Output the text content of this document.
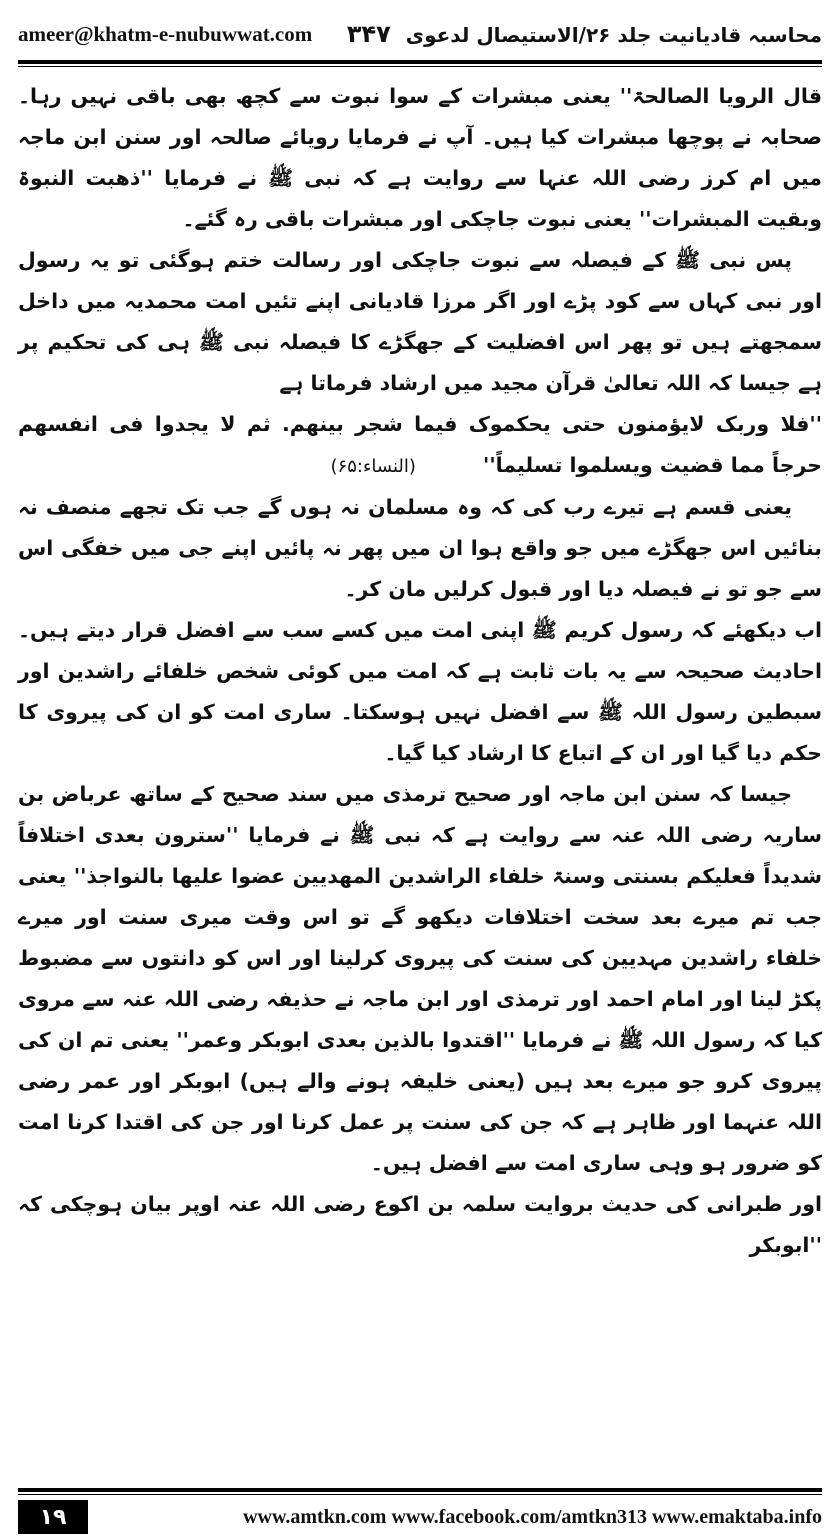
ameer@khatm-e-nubuwwat.com	محاسبہ قادیانیت جلد ۲۶/الاستیصال لدعوی ۳۴۷

قال الرویا الصالحۃ'' یعنی مبشرات کے سوا نبوت سے کچھ بھی باقی نہیں رہا۔ صحابہ نے پوچھا مبشرات کیا ہیں۔ آپ نے فرمایا رویائے صالحہ اور سنن ابن ماجہ میں ام کرز رضی اللہ عنہا سے روایت ہے کہ نبی ﷺ نے فرمایا ''ذھبت النبوۃ وبقیت المبشرات'' یعنی نبوت جاچکی اور مبشرات باقی رہ گئے۔

پس نبی ﷺ کے فیصلہ سے نبوت جاچکی اور رسالت ختم ہوگئی تو یہ رسول اور نبی کہاں سے کود پڑے اور اگر مرزا قادیانی اپنے تئیں امت محمدیہ میں داخل سمجھتے ہیں تو پھر اس افضلیت کے جھگڑے کا فیصلہ نبی ﷺ ہی کی تحکیم پر ہے جیسا کہ اللہ تعالیٰ قرآن مجید میں ارشاد فرماتا ہے

''فلا وربک لایؤمنون حتی یحکموک فیما شجر بینھم. ثم لا یجدوا فی انفسھم حرجاً مما قضیت ویسلموا تسلیماً'' (النساء:۶۵)

یعنی قسم ہے تیرے رب کی کہ وہ مسلمان نہ ہوں گے جب تک تجھے منصف نہ بنائیں اس جھگڑے میں جو واقع ہوا ان میں پھر نہ پائیں اپنے جی میں خفگی اس سے جو تو نے فیصلہ دیا اور قبول کرلیں مان کر۔

اب دیکھئے کہ رسول کریم ﷺ اپنی امت میں کسے سب سے افضل قرار دیتے ہیں۔ احادیث صحیحہ سے یہ بات ثابت ہے کہ امت میں کوئی شخص خلفائے راشدین اور سبطین رسول اللہ ﷺ سے افضل نہیں ہوسکتا۔ ساری امت کو ان کی پیروی کا حکم دیا گیا اور ان کے اتباع کا ارشاد کیا گیا۔

جیسا کہ سنن ابن ماجہ اور صحیح ترمذی میں سند صحیح کے ساتھ عرباض بن ساریہ رضی اللہ عنہ سے روایت ہے کہ نبی ﷺ نے فرمایا ''سترون بعدی اختلافاً شدیداً فعلیکم بسنتی وسنۃ خلفاء الراشدین المھدیین عضوا علیھا بالنواجذ'' یعنی جب تم میرے بعد سخت اختلافات دیکھو گے تو اس وقت میری سنت اور میرے خلفاء راشدین مہدیین کی سنت کی پیروی کرلینا اور اس کو دانتوں سے مضبوط پکڑ لینا اور امام احمد اور ترمذی اور ابن ماجہ نے حذیفہ رضی اللہ عنہ سے مروی کیا کہ رسول اللہ ﷺ نے فرمایا ''اقتدوا بالذین بعدی ابوبکر وعمر'' یعنی تم ان کی پیروی کرو جو میرے بعد ہیں (یعنی خلیفہ ہونے والے ہیں) ابوبکر اور عمر رضی اللہ عنہما اور ظاہر ہے کہ جن کی سنت پر عمل کرنا اور جن کی اقتدا کرنا امت کو ضرور ہو وہی ساری امت سے افضل ہیں۔

اور طبرانی کی حدیث بروایت سلمہ بن اکوع رضی اللہ عنہ اوپر بیان ہوچکی کہ ''ابوبکر

۱۹	www.amtkn.com www.facebook.com/amtkn313 www.emaktaba.info
